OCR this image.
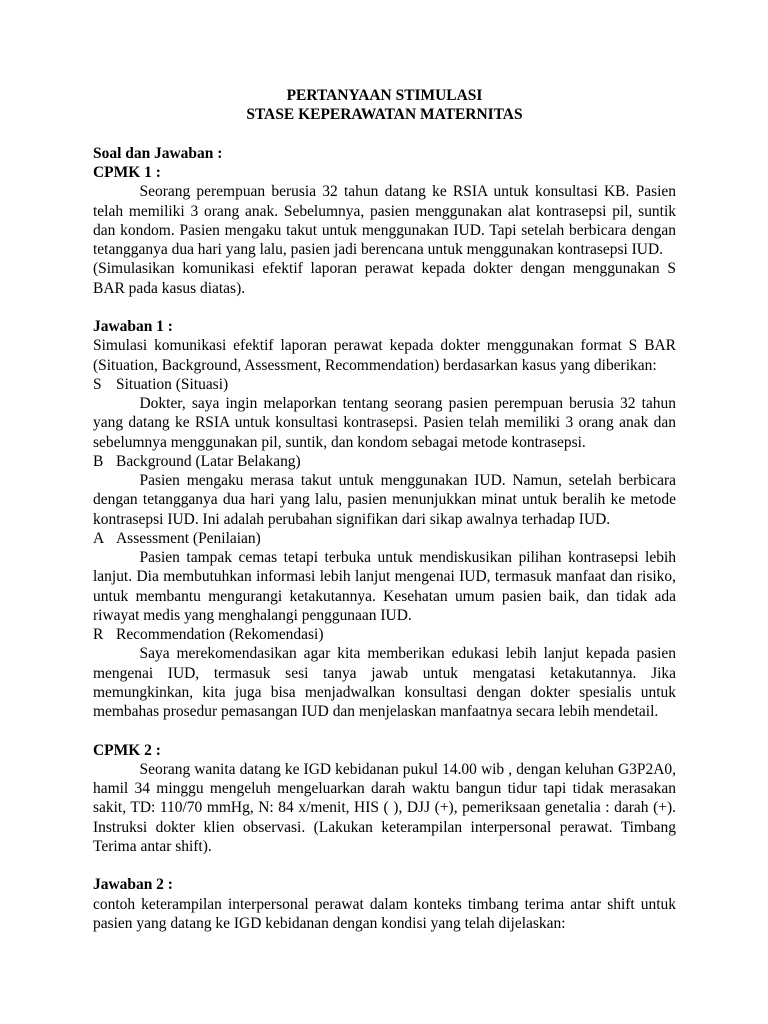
PERTANYAAN STIMULASI
STASE KEPERAWATAN MATERNITAS
Soal dan Jawaban :
CPMK 1 :
Seorang perempuan berusia 32 tahun datang ke RSIA untuk konsultasi KB. Pasien
telah memiliki 3 orang anak. Sebelumnya, pasien menggunakan alat kontrasepsi pil, suntik
dan kondom. Pasien mengaku takut untuk menggunakan IUD. Tapi setelah berbicara dengan
tetangganya dua hari yang lalu, pasien jadi berencana untuk menggunakan kontrasepsi IUD.
(Simulasikan komunikasi efektif laporan perawat kepada dokter dengan menggunakan S
BAR pada kasus diatas).
Jawaban 1 :
Simulasi komunikasi efektif laporan perawat kepada dokter menggunakan format S BAR
(Situation, Background, Assessment, Recommendation) berdasarkan kasus yang diberikan:
S Situation (Situasi)
Dokter, saya ingin melaporkan tentang seorang pasien perempuan berusia 32 tahun
yang datang ke RSIA untuk konsultasi kontrasepsi. Pasien telah memiliki 3 orang anak dan
sebelumnya menggunakan pil, suntik, dan kondom sebagai metode kontrasepsi.
B Background (Latar Belakang)
Pasien mengaku merasa takut untuk menggunakan IUD. Namun, setelah berbicara
dengan tetangganya dua hari yang lalu, pasien menunjukkan minat untuk beralih ke metode
kontrasepsi IUD. Ini adalah perubahan signifikan dari sikap awalnya terhadap IUD.
A Assessment (Penilaian)
Pasien tampak cemas tetapi terbuka untuk mendiskusikan pilihan kontrasepsi lebih
lanjut. Dia membutuhkan informasi lebih lanjut mengenai IUD, termasuk manfaat dan risiko,
untuk membantu mengurangi ketakutannya. Kesehatan umum pasien baik, dan tidak ada
riwayat medis yang menghalangi penggunaan IUD.
R Recommendation (Rekomendasi)
Saya merekomendasikan agar kita memberikan edukasi lebih lanjut kepada pasien
mengenai IUD, termasuk sesi tanya jawab untuk mengatasi ketakutannya. Jika
memungkinkan, kita juga bisa menjadwalkan konsultasi dengan dokter spesialis untuk
membahas prosedur pemasangan IUD dan menjelaskan manfaatnya secara lebih mendetail.
CPMK 2 :
Seorang wanita datang ke IGD kebidanan pukul 14.00 wib , dengan keluhan G3P2A0,
hamil 34 minggu mengeluh mengeluarkan darah waktu bangun tidur tapi tidak merasakan
sakit, TD: 110/70 mmHg, N: 84 x/menit, HIS ( ), DJJ (+), pemeriksaan genetalia : darah (+).
Instruksi dokter klien observasi. (Lakukan keterampilan interpersonal perawat. Timbang
Terima antar shift).
Jawaban 2 :
contoh keterampilan interpersonal perawat dalam konteks timbang terima antar shift untuk
pasien yang datang ke IGD kebidanan dengan kondisi yang telah dijelaskan:
